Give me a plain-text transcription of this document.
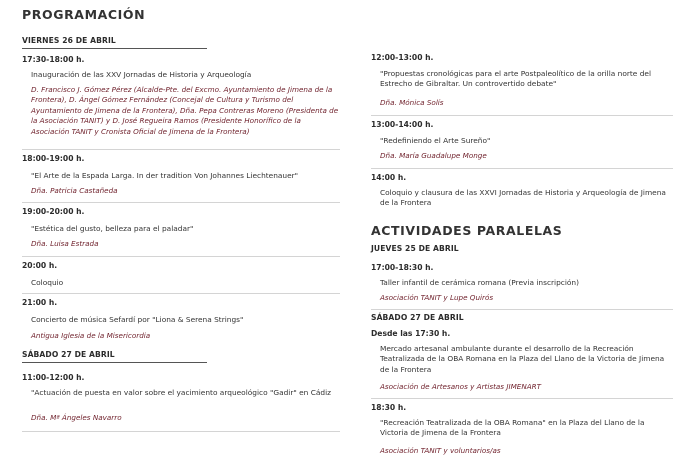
PROGRAMACIÓN
VIERNES 26 DE ABRIL
17:30-18:00 h.
Inauguración de las XXV Jornadas de Historia y Arqueología
D. Francisco J. Gómez Pérez (Alcalde-Pte. del Excmo. Ayuntamiento de Jimena de la Frontera), D. Ángel Gómez Fernández (Concejal de Cultura y Turismo del Ayuntamiento de Jimena de la Frontera), Dña. Pepa Contreras Moreno (Presidenta de la Asociación TANIT) y D. José Regueira Ramos (Presidente Honorífico de la Asociación TANIT y Cronista Oficial de Jimena de la Frontera)
18:00-19:00 h.
"El Arte de la Espada Larga. In der tradition Von Johannes Liechtenauer"
Dña. Patricia Castañeda
19:00-20:00 h.
"Estética del gusto, belleza para el paladar"
Dña. Luisa Estrada
20:00 h.
Coloquio
21:00 h.
Concierto de música Sefardí por "Liona & Serena Strings"
Antigua Iglesia de la Misericordia
SÁBADO 27 DE ABRIL
11:00-12:00 h.
"Actuación de puesta en valor sobre el yacimiento arqueológico "Gadir" en Cádiz
Dña. Mª Ángeles Navarro
12:00-13:00 h.
"Propuestas cronológicas para el arte Postpaleolítico de la orilla norte del Estrecho de Gibraltar. Un controvertido debate"
Dña. Mónica Solís
13:00-14:00 h.
"Redefiniendo el Arte Sureño"
Dña. María Guadalupe Monge
14:00 h.
Coloquio y clausura de las XXVI Jornadas de Historia y Arqueología de Jimena de la Frontera
ACTIVIDADES PARALELAS
JUEVES 25 DE ABRIL
17:00-18:30 h.
Taller infantil de cerámica romana (Previa inscripción)
Asociación TANIT y Lupe Quirós
SÁBADO 27 DE ABRIL
Desde las 17:30 h.
Mercado artesanal ambulante durante el desarrollo de la Recreación Teatralizada de la OBA Romana en la Plaza del Llano de la Victoria de Jimena de la Frontera
Asociación de Artesanos y Artistas JIMENART
18:30 h.
"Recreación Teatralizada de la OBA Romana" en la Plaza del Llano de la Victoria de Jimena de la Frontera
Asociación TANIT y voluntarios/as
